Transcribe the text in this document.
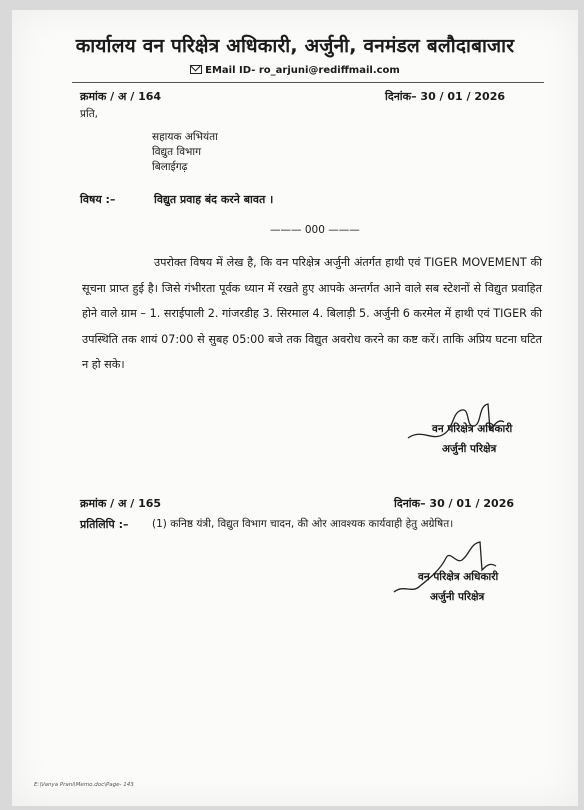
कार्यालय वन परिक्षेत्र अधिकारी, अर्जुनी, वनमंडल बलौदाबाजार
EMail ID- ro_arjuni@rediffmail.com
क्रमांक / अ / 164	दिनांक– 30 / 01 / 2026
प्रति,
सहायक अभियंता
विद्युत विभाग
बिलाईगढ़
विषय :–	विद्युत प्रवाह बंद करने बावत ।
——— 000 ———
उपरोक्त विषय में लेख है, कि वन परिक्षेत्र अर्जुनी अंतर्गत हाथी एवं TIGER MOVEMENT की सूचना प्राप्त हुई है। जिसे गंभीरता पूर्वक ध्यान में रखते हुए आपके अन्तर्गत आने वाले सब स्टेशनों से विद्युत प्रवाहित होने वाले ग्राम – 1. सराईपाली 2. गांजरडीह 3. सिरमाल 4. बिलाड़ी 5. अर्जुनी 6 करमेल में हाथी एवं TIGER की उपस्थिति तक शायं 07:00 से सुबह 05:00 बजे तक विद्युत अवरोध करने का कष्ट करें। ताकि अप्रिय घटना घटित न हो सके।
वन परिक्षेत्र अधिकारी
अर्जुनी परिक्षेत्र
क्रमांक / अ / 165	दिनांक– 30 / 01 / 2026
प्रतिलिपि :– (1) कनिष्ठ यंत्री, विद्युत विभाग चादन, की ओर आवश्यक कार्यवाही हेतु अग्रेषित।
वन परिक्षेत्र अधिकारी
अर्जुनी परिक्षेत्र
E:\Vanya Prani\Memo.doc\Page- 143
